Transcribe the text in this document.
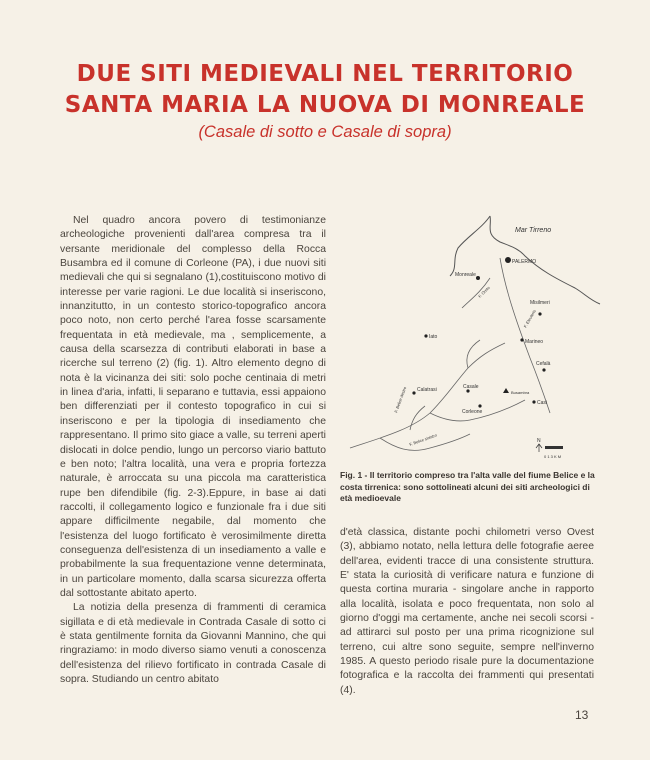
DUE SITI MEDIEVALI NEL TERRITORIO
SANTA MARIA LA NUOVA DI MONREALE
(Casale di sotto e Casale di sopra)

Nel quadro ancora povero di testimonianze archeologiche provenienti dall'area compresa tra il versante meridionale del complesso della Rocca Busambra ed il comune di Corleone (PA), i due nuovi siti medievali che qui si segnalano (1),costituiscono motivo di interesse per varie ragioni. Le due località si inseriscono, innanzitutto, in un contesto storico-topografico ancora poco noto, non certo perché l'area fosse scarsamente frequentata in età medievale, ma , semplicemente, a causa della scarsezza di contributi elaborati in base a ricerche sul terreno (2) (fig. 1). Altro elemento degno di nota è la vicinanza dei siti: solo poche centinaia di metri in linea d'aria, infatti, li separano e tuttavia, essi appaiono ben differenziati per il contesto topografico in cui si inseriscono e per la tipologia di insediamento che rappresentano. Il primo sito giace a valle, su terreni aperti dislocati in dolce pendio, lungo un percorso viario battuto e ben noto; l'altra località, una vera e propria fortezza naturale, è arroccata su una piccola ma caratteristica rupe ben difendibile (fig. 2-3).Eppure, in base ai dati raccolti, il collegamento logico e funzionale fra i due siti appare difficilmente negabile, dal momento che l'esistenza del luogo fortificato è verosimilmente diretta conseguenza dell'esistenza di un insediamento a valle e probabilmente la sua frequentazione venne determinata, in un particolare momento, dalla scarsa sicurezza offerta dal sottostante abitato aperto.

La notizia della presenza di frammenti di ceramica sigillata e di età medievale in Contrada Casale di sotto ci è stata gentilmente fornita da Giovanni Mannino, che qui ringraziamo: in modo diverso siamo venuti a conoscenza dell'esistenza del rilievo fortificato in contrada Casale di sopra. Studiando un centro abitato

Mar Tirreno
PALERMO
Monreale
Misilmeri
Iato
Marineo
Cefalà
Calatrasi	Casale
Corleone
Busambra
Casi
F. Oreto
F. Eleuterio
F. Belice destro
F. Belice sinistro	N
0 1 3 K M
Fig. 1 - Il territorio compreso tra l'alta valle del fiume Belice e la costa tirrenica: sono sottolineati alcuni dei siti archeologici di età medioevale

d'età classica, distante pochi chilometri verso Ovest (3), abbiamo notato, nella lettura delle fotografie aeree dell'area, evidenti tracce di una consistente struttura. E' stata la curiosità di verificare natura e funzione di questa cortina muraria - singolare anche in rapporto alla località, isolata e poco frequentata, non solo al giorno d'oggi ma certamente, anche nei secoli scorsi - ad attirarci sul posto per una prima ricognizione sul terreno, cui altre sono seguite, sempre nell'inverno 1985. A questo periodo risale pure la documentazione fotografica e la raccolta dei frammenti qui presentati (4).

13
